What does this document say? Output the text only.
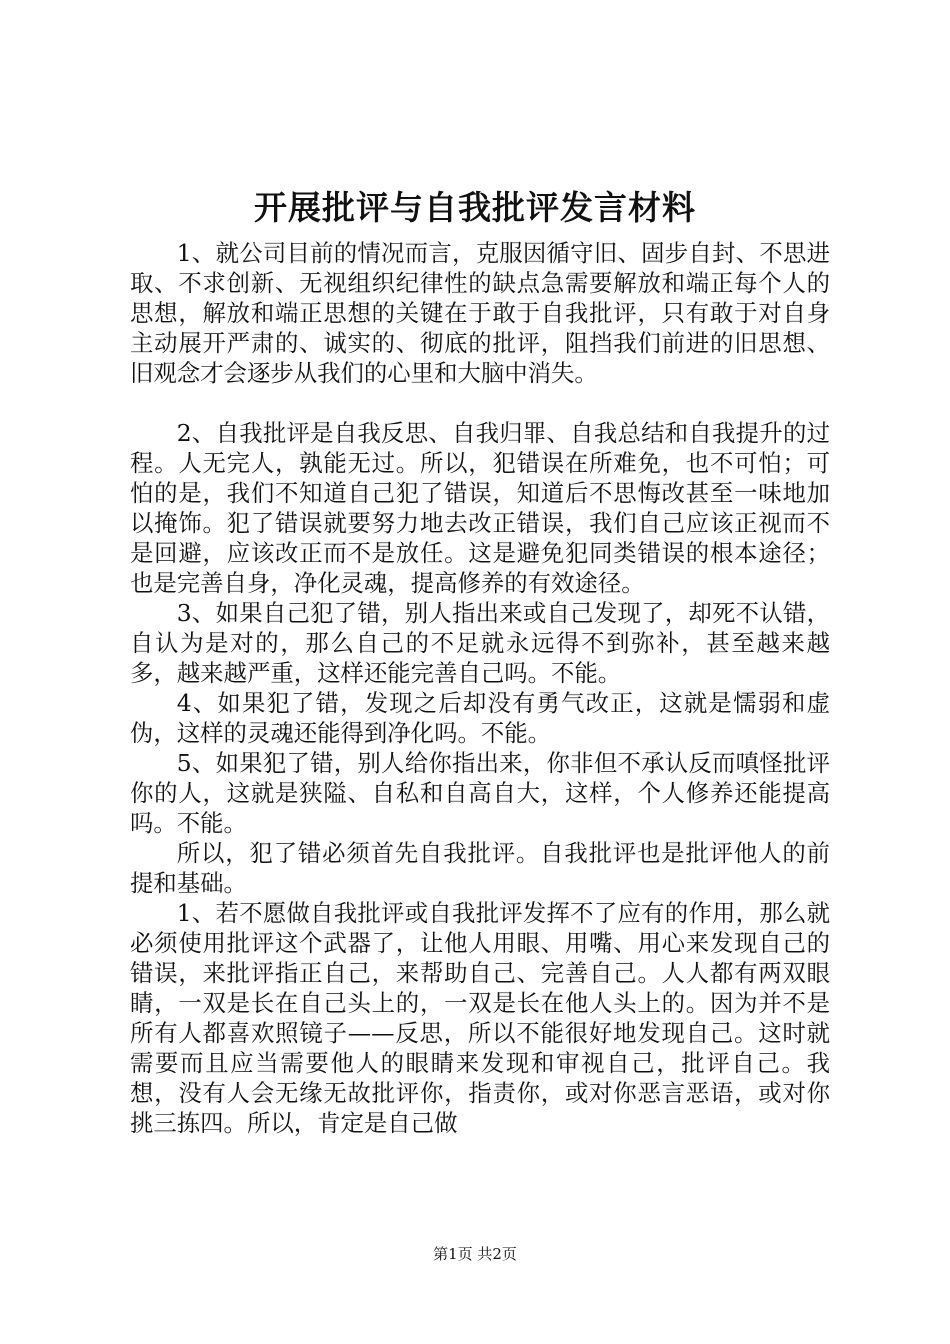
开展批评与自我批评发言材料

1、就公司目前的情况而言，克服因循守旧、固步自封、不思进取、不求创新、无视组织纪律性的缺点急需要解放和端正每个人的思想，解放和端正思想的关键在于敢于自我批评，只有敢于对自身主动展开严肃的、诚实的、彻底的批评，阻挡我们前进的旧思想、旧观念才会逐步从我们的心里和大脑中消失。

2、自我批评是自我反思、自我归罪、自我总结和自我提升的过程。人无完人，孰能无过。所以，犯错误在所难免，也不可怕；可怕的是，我们不知道自己犯了错误，知道后不思悔改甚至一味地加以掩饰。犯了错误就要努力地去改正错误，我们自己应该正视而不是回避，应该改正而不是放任。这是避免犯同类错误的根本途径；也是完善自身，净化灵魂，提高修养的有效途径。

3、如果自己犯了错，别人指出来或自己发现了，却死不认错，自认为是对的，那么自己的不足就永远得不到弥补，甚至越来越多，越来越严重，这样还能完善自己吗。不能。

4、如果犯了错，发现之后却没有勇气改正，这就是懦弱和虚伪，这样的灵魂还能得到净化吗。不能。

5、如果犯了错，别人给你指出来，你非但不承认反而嗔怪批评你的人，这就是狭隘、自私和自高自大，这样，个人修养还能提高吗。不能。

所以，犯了错必须首先自我批评。自我批评也是批评他人的前提和基础。

1、若不愿做自我批评或自我批评发挥不了应有的作用，那么就必须使用批评这个武器了，让他人用眼、用嘴、用心来发现自己的错误，来批评指正自己，来帮助自己、完善自己。人人都有两双眼睛，一双是长在自己头上的，一双是长在他人头上的。因为并不是所有人都喜欢照镜子——反思，所以不能很好地发现自己。这时就需要而且应当需要他人的眼睛来发现和审视自己，批评自己。我想，没有人会无缘无故批评你，指责你，或对你恶言恶语，或对你挑三拣四。所以，肯定是自己做

第1页 共2页
